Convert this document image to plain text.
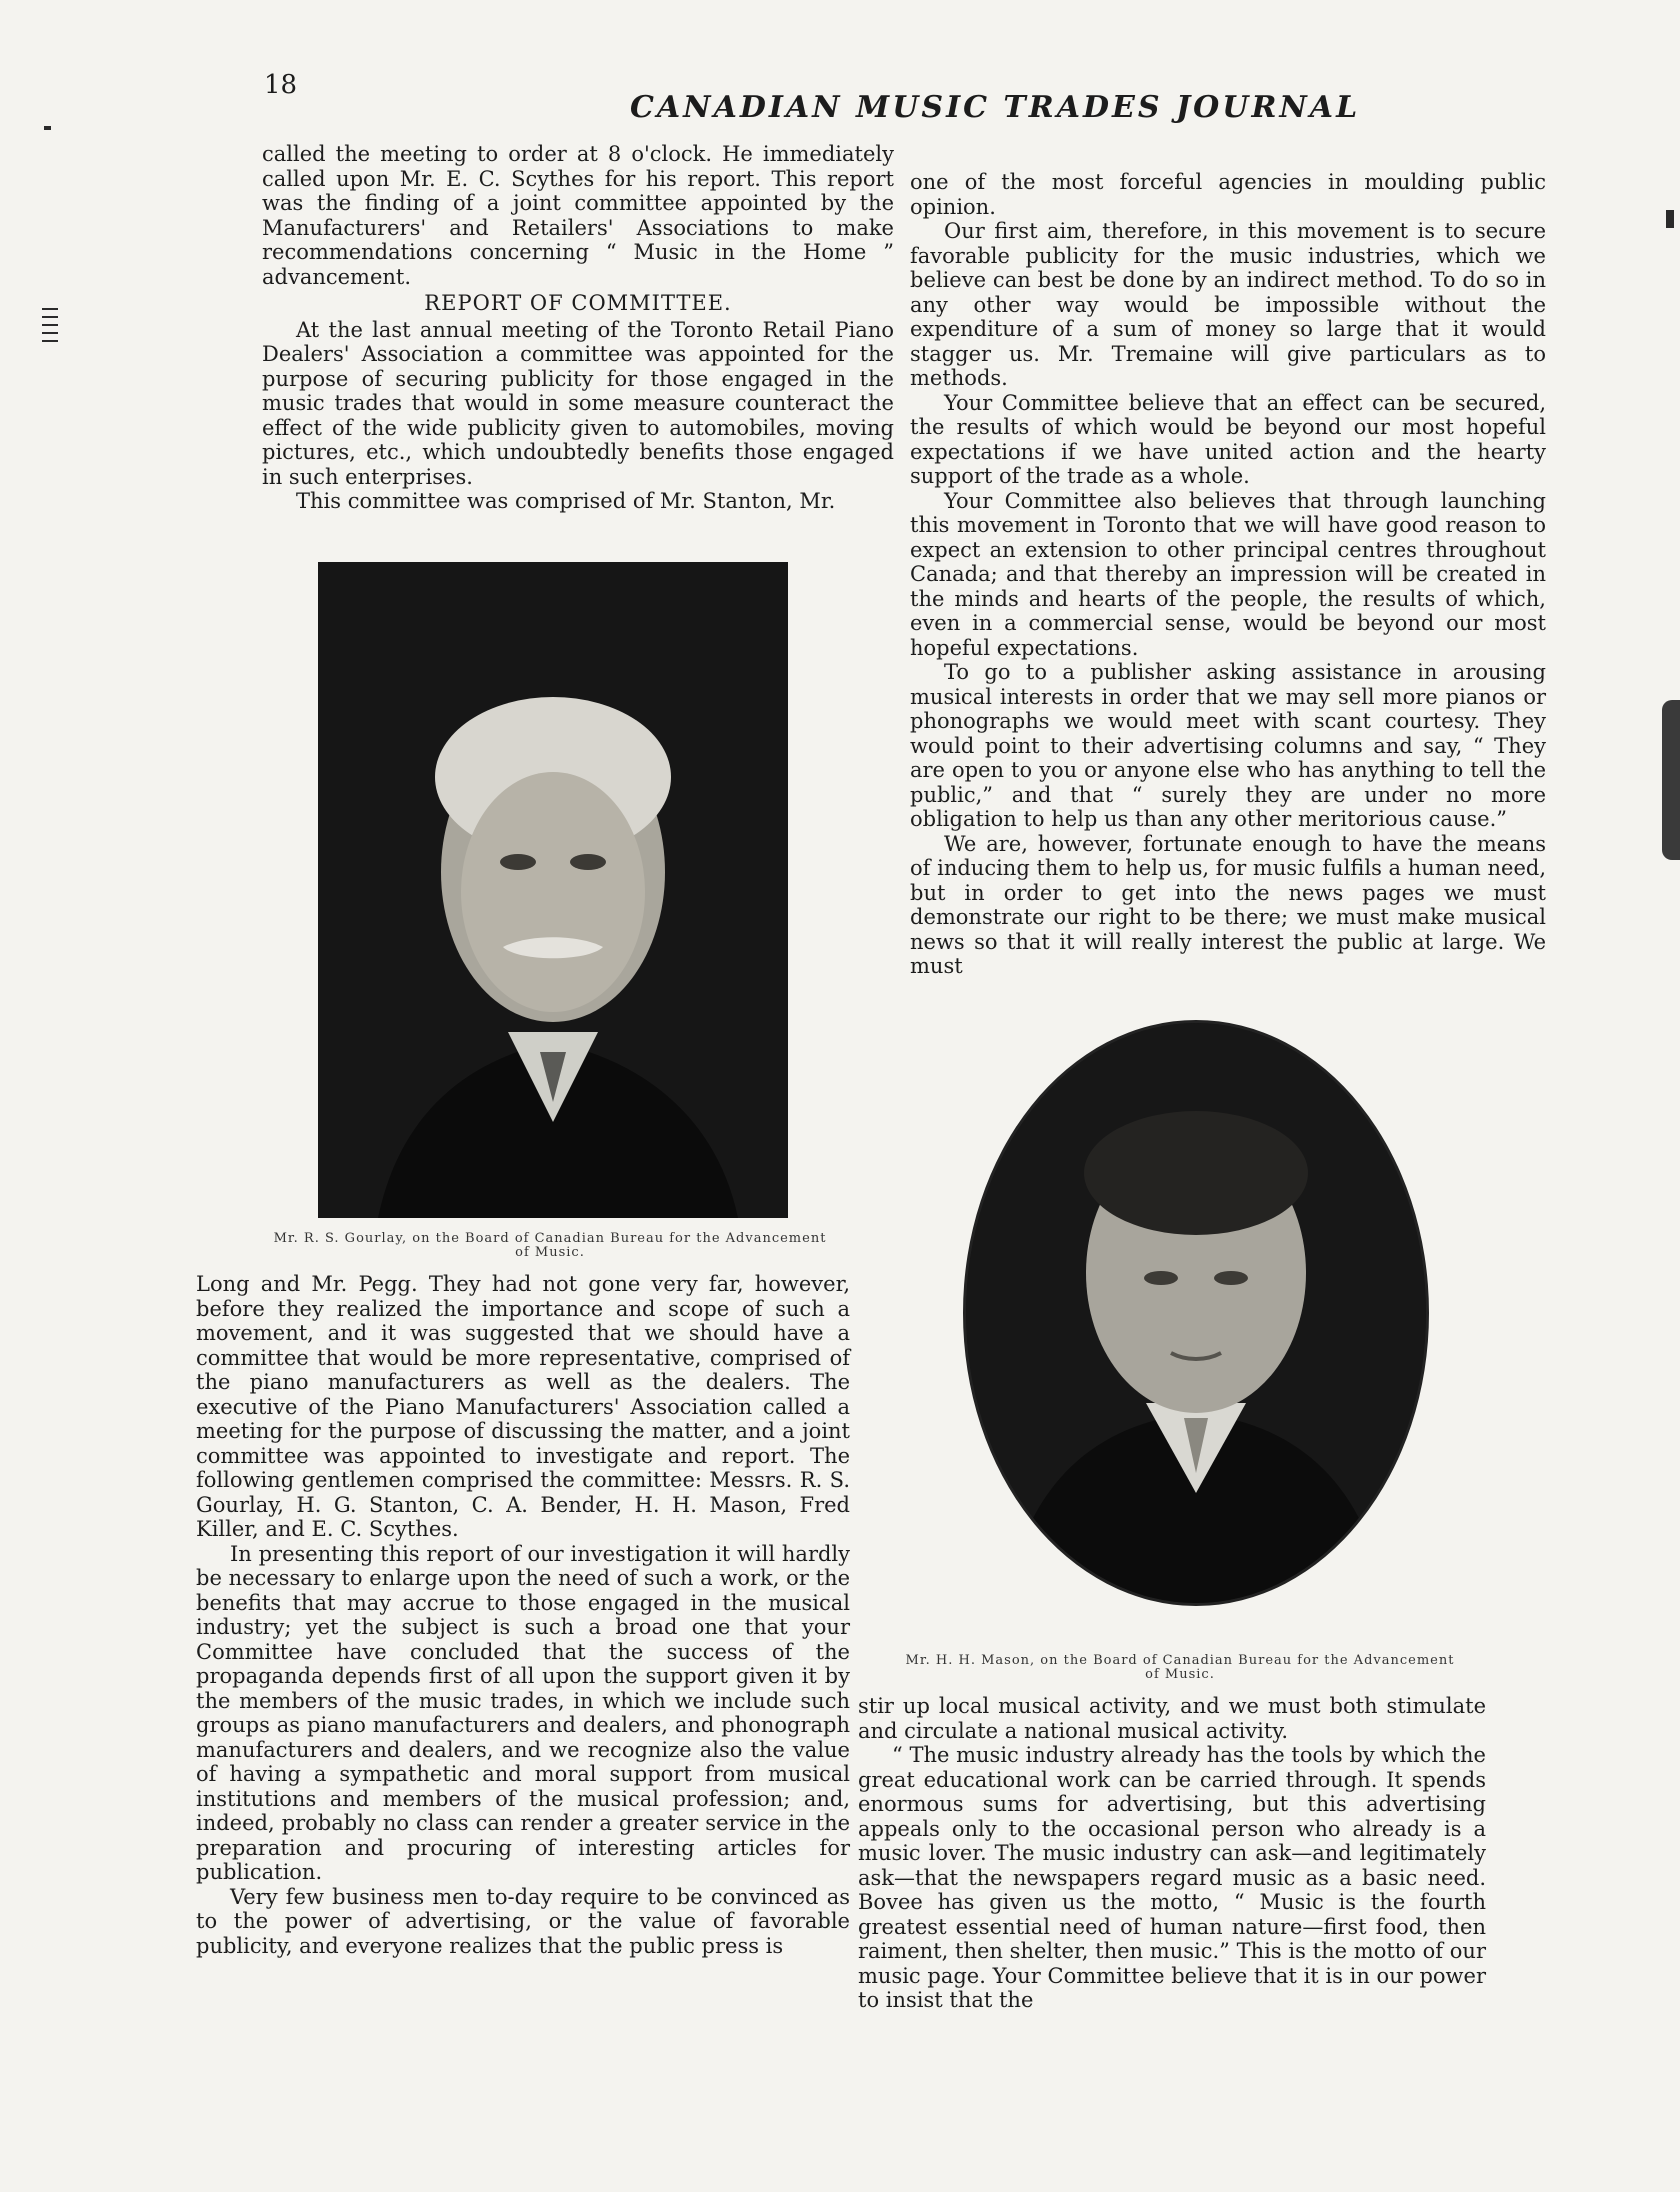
18
CANADIAN MUSIC TRADES JOURNAL

called the meeting to order at 8 o'clock. He immediately called upon Mr. E. C. Scythes for his report. This report was the finding of a joint committee appointed by the Manufacturers' and Retailers' Associations to make recommendations concerning “ Music in the Home ” advancement.

REPORT OF COMMITTEE.

At the last annual meeting of the Toronto Retail Piano Dealers' Association a committee was appointed for the purpose of securing publicity for those engaged in the music trades that would in some measure counteract the effect of the wide publicity given to automobiles, moving pictures, etc., which undoubtedly benefits those engaged in such enterprises.

This committee was comprised of Mr. Stanton, Mr.

Mr. R. S. Gourlay, on the Board of Canadian Bureau for the Advancement of Music.

Long and Mr. Pegg. They had not gone very far, however, before they realized the importance and scope of such a movement, and it was suggested that we should have a committee that would be more representative, comprised of the piano manufacturers as well as the dealers. The executive of the Piano Manufacturers' Association called a meeting for the purpose of discussing the matter, and a joint committee was appointed to investigate and report. The following gentlemen comprised the committee: Messrs. R. S. Gourlay, H. G. Stanton, C. A. Bender, H. H. Mason, Fred Killer, and E. C. Scythes.

In presenting this report of our investigation it will hardly be necessary to enlarge upon the need of such a work, or the benefits that may accrue to those engaged in the musical industry; yet the subject is such a broad one that your Committee have concluded that the success of the propaganda depends first of all upon the support given it by the members of the music trades, in which we include such groups as piano manufacturers and dealers, and phonograph manufacturers and dealers, and we recognize also the value of having a sympathetic and moral support from musical institutions and members of the musical profession; and, indeed, probably no class can render a greater service in the preparation and procuring of interesting articles for publication.

Very few business men to-day require to be convinced as to the power of advertising, or the value of favorable publicity, and everyone realizes that the public press is

one of the most forceful agencies in moulding public opinion.

Our first aim, therefore, in this movement is to secure favorable publicity for the music industries, which we believe can best be done by an indirect method. To do so in any other way would be impossible without the expenditure of a sum of money so large that it would stagger us. Mr. Tremaine will give particulars as to methods.

Your Committee believe that an effect can be secured, the results of which would be beyond our most hopeful expectations if we have united action and the hearty support of the trade as a whole.

Your Committee also believes that through launching this movement in Toronto that we will have good reason to expect an extension to other principal centres throughout Canada; and that thereby an impression will be created in the minds and hearts of the people, the results of which, even in a commercial sense, would be beyond our most hopeful expectations.

To go to a publisher asking assistance in arousing musical interests in order that we may sell more pianos or phonographs we would meet with scant courtesy. They would point to their advertising columns and say, “ They are open to you or anyone else who has anything to tell the public,” and that “ surely they are under no more obligation to help us than any other meritorious cause.”

We are, however, fortunate enough to have the means of inducing them to help us, for music fulfils a human need, but in order to get into the news pages we must demonstrate our right to be there; we must make musical news so that it will really interest the public at large. We must

Mr. H. H. Mason, on the Board of Canadian Bureau for the Advancement of Music.

stir up local musical activity, and we must both stimulate and circulate a national musical activity.

“ The music industry already has the tools by which the great educational work can be carried through. It spends enormous sums for advertising, but this advertising appeals only to the occasional person who already is a music lover. The music industry can ask—and legitimately ask—that the newspapers regard music as a basic need. Bovee has given us the motto, “ Music is the fourth greatest essential need of human nature—first food, then raiment, then shelter, then music.” This is the motto of our music page. Your Committee believe that it is in our power to insist that the
